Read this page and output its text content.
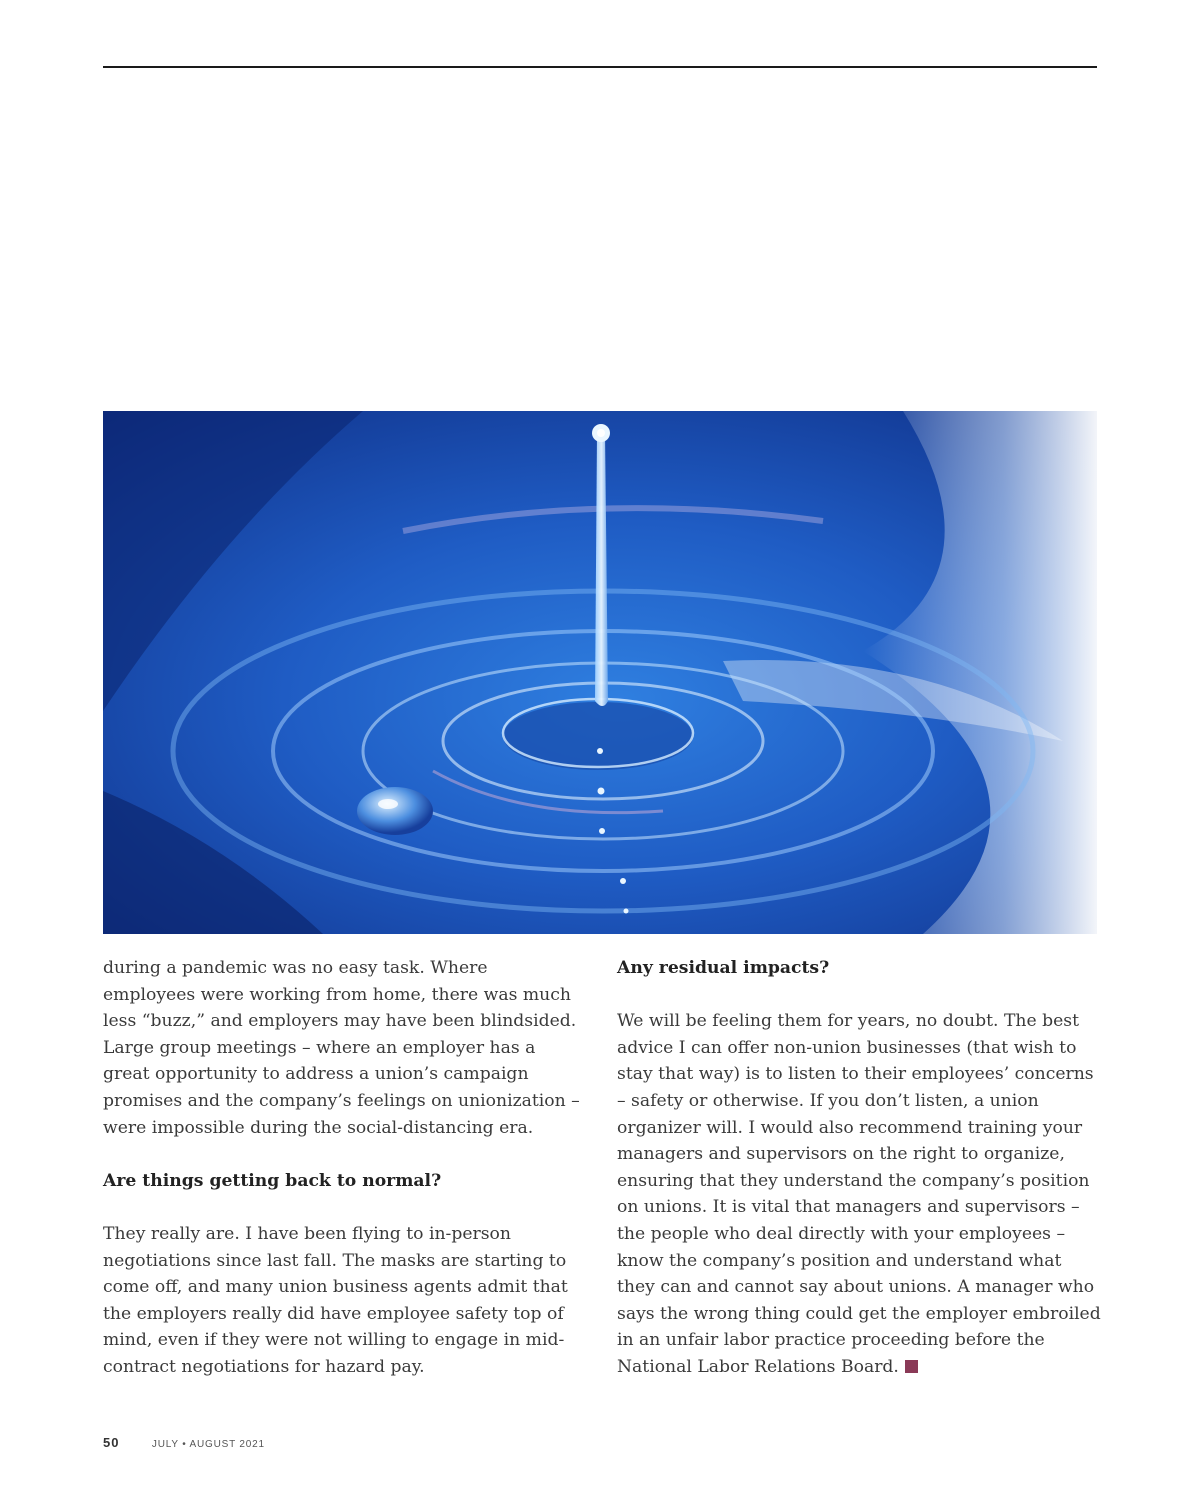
during a pandemic was no easy task. Where employees were working from home, there was much less “buzz,” and employers may have been blindsided. Large group meetings – where an employer has a great opportunity to address a union’s campaign promises and the company’s feelings on unionization – were impossible during the social-distancing era.

Are things getting back to normal?

They really are. I have been flying to in-person negotiations since last fall. The masks are starting to come off, and many union business agents admit that the employers really did have employee safety top of mind, even if they were not willing to engage in mid-contract negotiations for hazard pay.

Any residual impacts?

We will be feeling them for years, no doubt. The best advice I can offer non-union businesses (that wish to stay that way) is to listen to their employees’ concerns – safety or otherwise. If you don’t listen, a union organizer will. I would also recommend training your managers and supervisors on the right to organize, ensuring that they understand the company’s position on unions. It is vital that managers and supervisors – the people who deal directly with your employees – know the company’s position and understand what they can and cannot say about unions. A manager who says the wrong thing could get the employer embroiled in an unfair labor practice proceeding before the National Labor Relations Board.

50	JULY • AUGUST 2021
